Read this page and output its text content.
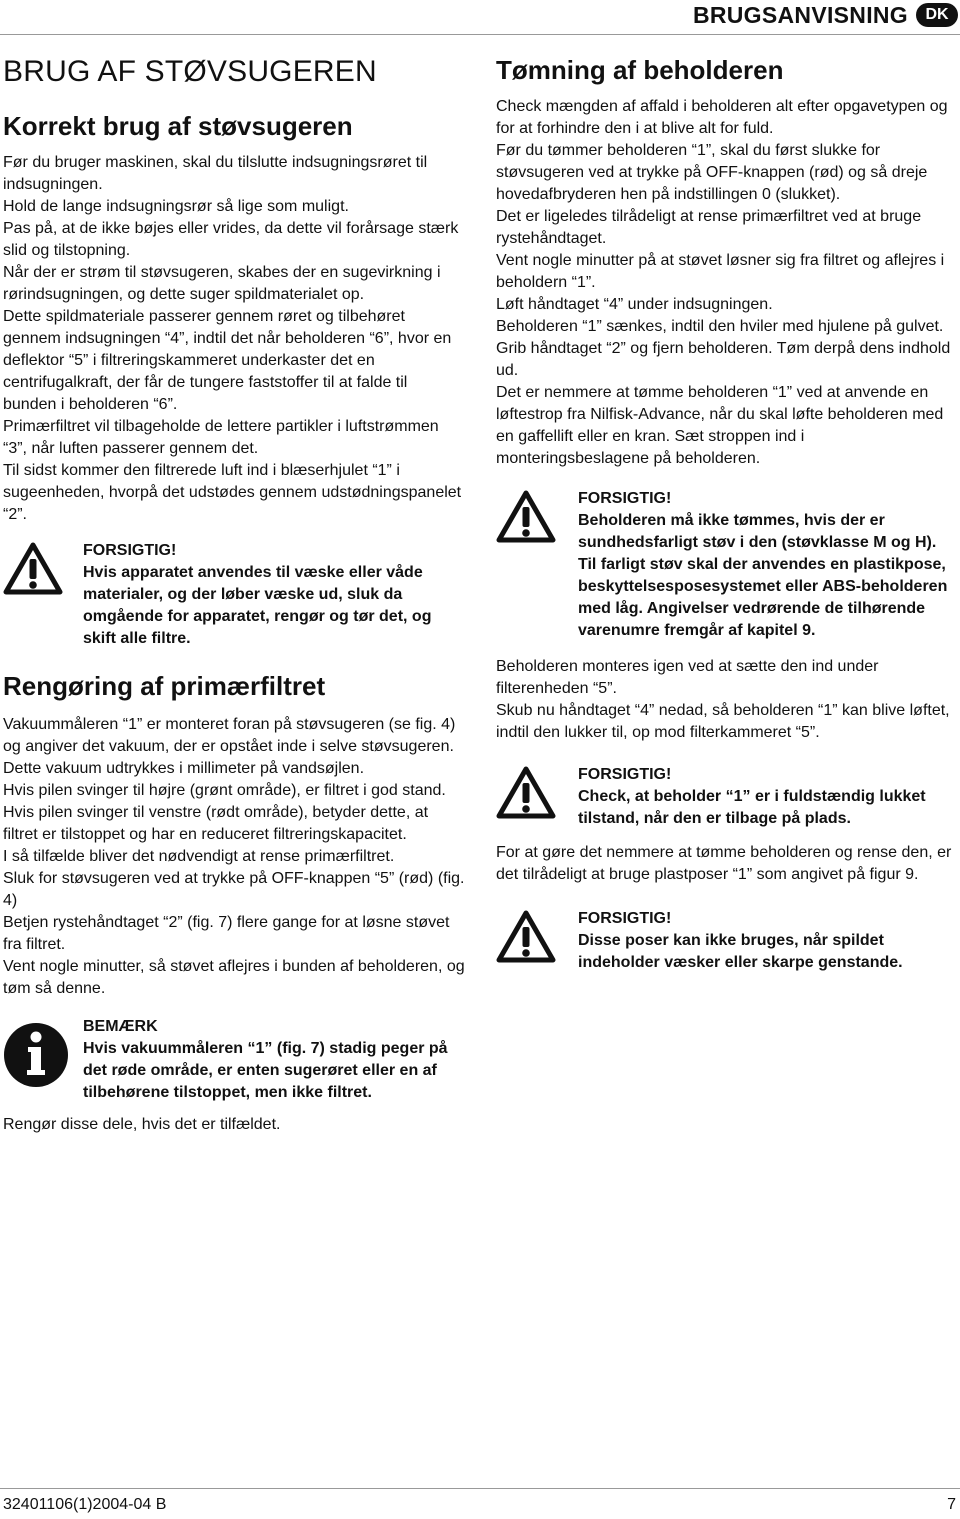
BRUGSANVISNING	DK
BRUG AF STØVSUGEREN
Korrekt brug af støvsugeren

Før du bruger maskinen, skal du tilslutte indsugningsrøret til indsugningen.

Hold de lange indsugningsrør så lige som muligt.

Pas på, at de ikke bøjes eller vrides, da dette vil forårsage stærk slid og tilstopning.

Når der er strøm til støvsugeren, skabes der en sugevirkning i rørindsugningen, og dette suger spildmaterialet op.

Dette spildmateriale passerer gennem røret og tilbehøret gennem indsugningen “4”, indtil det når beholderen “6”, hvor en deflektor “5” i filtreringskammeret underkaster det en centrifugalkraft, der får de tungere faststoffer til at falde til bunden i beholderen “6”.

Primærfiltret vil tilbageholde de lettere partikler i luftstrømmen “3”, når luften passerer gennem det.

Til sidst kommer den filtrerede luft ind i blæserhjulet “1” i sugeenheden, hvorpå det udstødes gennem udstødningspanelet “2”.

FORSIGTIG!
Hvis apparatet anvendes til væske eller våde materialer, og der løber væske ud, sluk da omgående for apparatet, rengør og tør det, og skift alle filtre.
Rengøring af primærfiltret

Vakuummåleren “1” er monteret foran på støvsugeren (se fig. 4) og angiver det vakuum, der er opstået inde i selve støvsugeren.

Dette vakuum udtrykkes i millimeter på vandsøjlen.

Hvis pilen svinger til højre (grønt område), er filtret i god stand.

Hvis pilen svinger til venstre (rødt område), betyder dette, at filtret er tilstoppet og har en reduceret filtreringskapacitet.

I så tilfælde bliver det nødvendigt at rense primærfiltret.

Sluk for støvsugeren ved at trykke på OFF-knappen “5” (rød) (fig. 4)

Betjen rystehåndtaget “2” (fig. 7) flere gange for at løsne støvet fra filtret.

Vent nogle minutter, så støvet aflejres i bunden af beholderen, og tøm så denne.

BEMÆRK
Hvis vakuummåleren “1” (fig. 7) stadig peger på det røde område, er enten sugerøret eller en af tilbehørene tilstoppet, men ikke filtret.

Rengør disse dele, hvis det er tilfældet.

Tømning af beholderen

Check mængden af affald i beholderen alt efter opgavetypen og for at forhindre den i at blive alt for fuld.

Før du tømmer beholderen “1”, skal du først slukke for støvsugeren ved at trykke på OFF-knappen (rød) og så dreje hovedafbryderen hen på indstillingen 0 (slukket).

Det er ligeledes tilrådeligt at rense primærfiltret ved at bruge rystehåndtaget.

Vent nogle minutter på at støvet løsner sig fra filtret og aflejres i beholdern “1”.

Løft håndtaget “4” under indsugningen.

Beholderen “1” sænkes, indtil den hviler med hjulene på gulvet.

Grib håndtaget “2” og fjern beholderen. Tøm derpå dens indhold ud.

Det er nemmere at tømme beholderen “1” ved at anvende en løftestrop fra Nilfisk-Advance, når du skal løfte beholderen med en gaffellift eller en kran. Sæt stroppen ind i monteringsbeslagene på beholderen.

FORSIGTIG!
Beholderen må ikke tømmes, hvis der er sundhedsfarligt støv i den (støvklasse M og H).
Til farligt støv skal der anvendes en plastikpose, beskyttelsesposesystemet eller ABS-beholderen med låg. Angivelser vedrørende de tilhørende varenumre fremgår af kapitel 9.

Beholderen monteres igen ved at sætte den ind under filterenheden “5”.

Skub nu håndtaget “4” nedad, så beholderen “1” kan blive løftet, indtil den lukker til, op mod filterkammeret “5”.

FORSIGTIG!
Check, at beholder “1” er i fuldstændig lukket tilstand, når den er tilbage på plads.

For at gøre det nemmere at tømme beholderen og rense den, er det tilrådeligt at bruge plastposer “1” som angivet på figur 9.

FORSIGTIG!
Disse poser kan ikke bruges, når spildet indeholder væsker eller skarpe genstande.
32401106(1)2004-04 B	7
